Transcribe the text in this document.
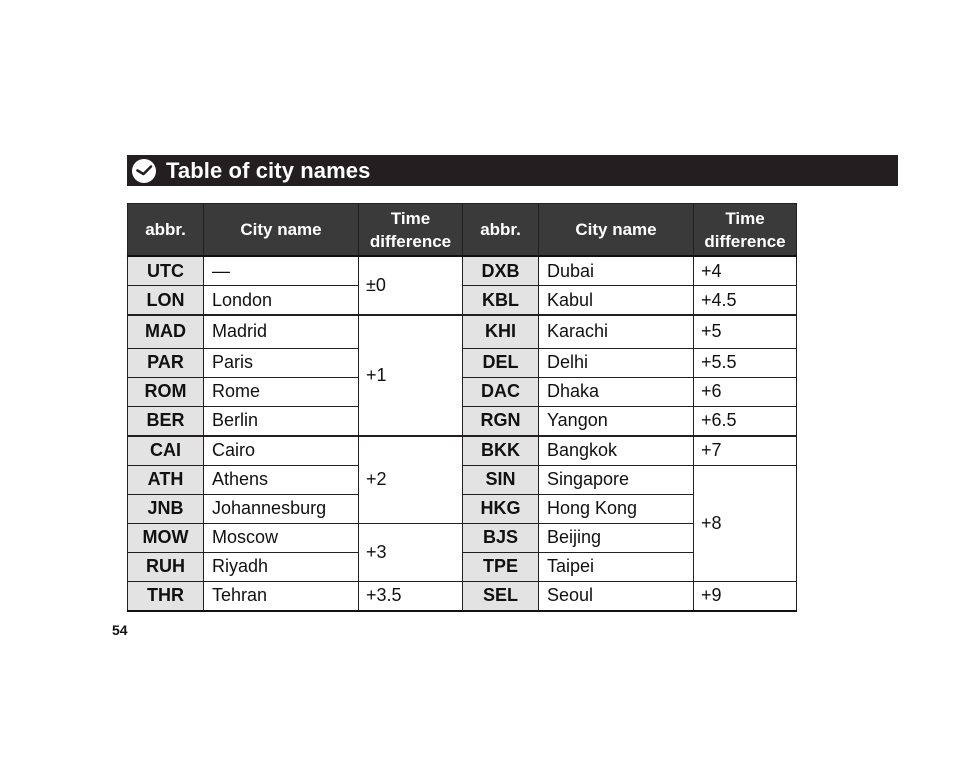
Table of city names
abbr.	City name	Time difference	abbr.	City name	Time difference
UTC	—	±0	DXB	Dubai	+4
LON	London		KBL	Kabul	+4.5
MAD	Madrid	+1	KHI	Karachi	+5
PAR	Paris		DEL	Delhi	+5.5
ROM	Rome		DAC	Dhaka	+6
BER	Berlin		RGN	Yangon	+6.5
CAI	Cairo	+2	BKK	Bangkok	+7
ATH	Athens		SIN	Singapore	+8
JNB	Johannesburg		HKG	Hong Kong	
MOW	Moscow	+3	BJS	Beijing	
RUH	Riyadh		TPE	Taipei	
THR	Tehran	+3.5	SEL	Seoul	+9
54
